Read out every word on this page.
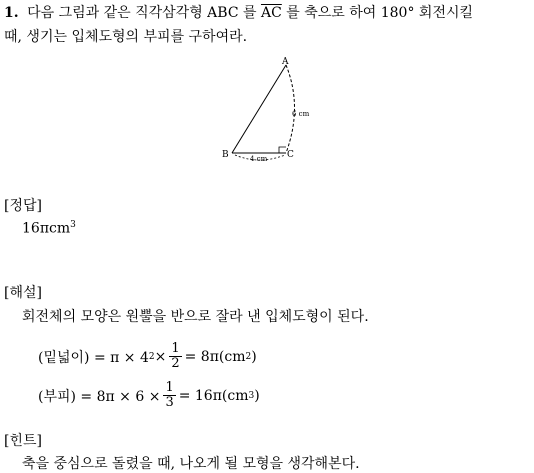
1. 다음 그림과 같은 직각삼각형 ABC 를 $\overline{AC}$ 를 축으로 하여 180° 회전시킬
때, 생기는 입체도형의 부피를 구하여라.
A
B	C
6 cm
4 cm
[정답]
16πcm$^3$
[해설]
회전체의 모양은 원뿔을 반으로 잘라 낸 입체도형이 된다.
(밑넓이) = π × 4 $2 \times \frac{1}{2} = 8\pi(cm$ 2 )
(부피) = $8\pi \times 6 \times \frac{1}{3} = 16\pi(cm$ 3 )
[힌트]
축을 중심으로 돌렸을 때, 나오게 될 모형을 생각해본다.
